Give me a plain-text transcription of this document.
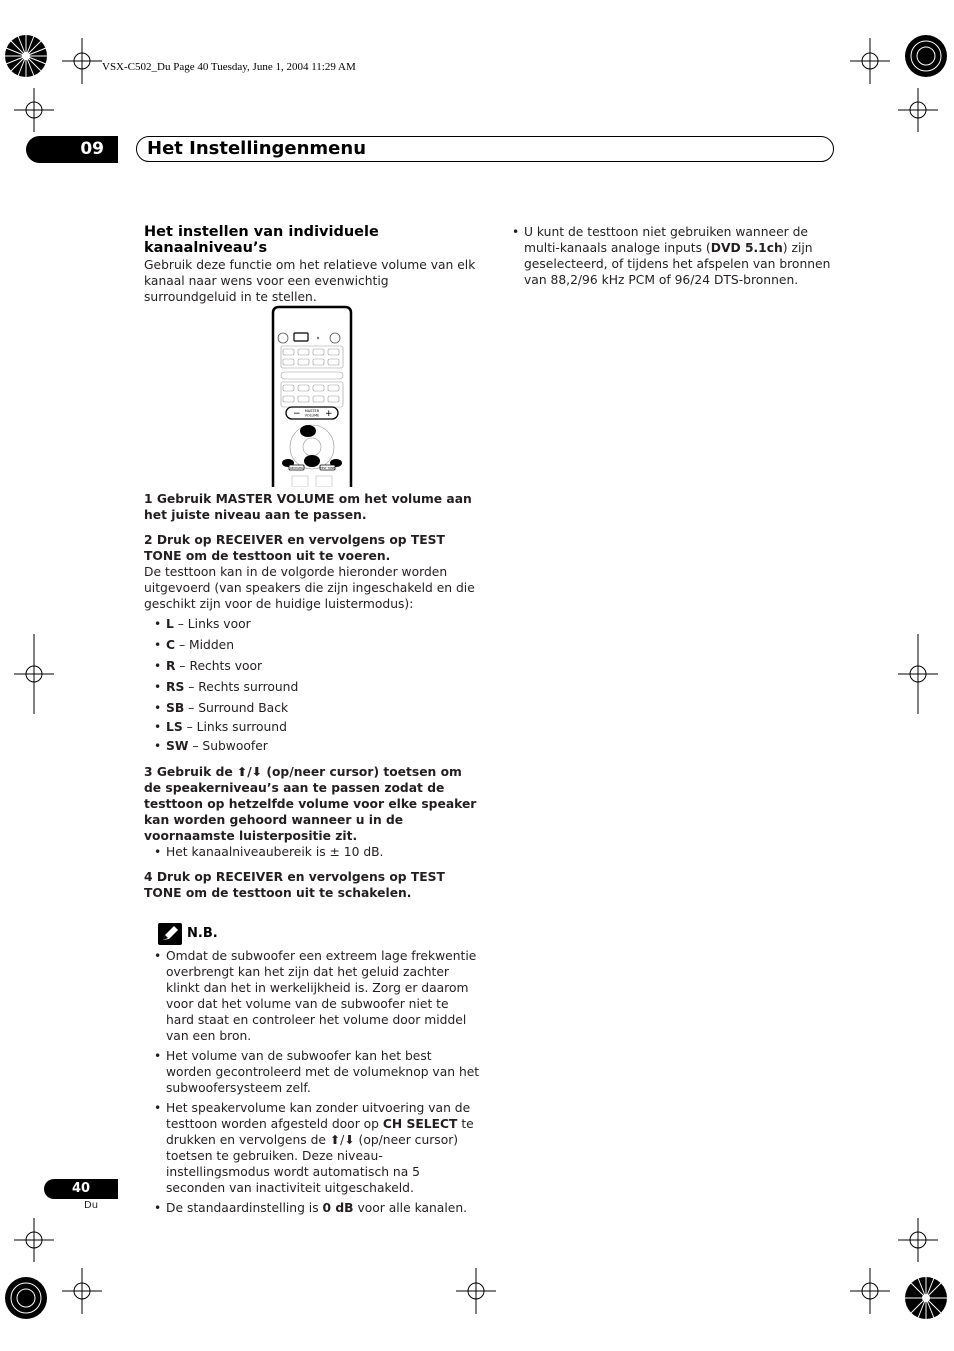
VSX-C502_Du Page 40 Tuesday, June 1, 2004 11:29 AM
09	Het Instellingenmenu
Het instellen van individuele kanaalniveau’s

Gebruik deze functie om het relatieve volume van elk kanaal naar wens voor een evenwichtig surroundgeluid in te stellen.

−	+
MASTER
VOLUME
RECEIVER	TEST TONE

1 Gebruik MASTER VOLUME om het volume aan het juiste niveau aan te passen.

2 Druk op RECEIVER en vervolgens op TEST TONE om de testtoon uit te voeren.

De testtoon kan in de volgorde hieronder worden uitgevoerd (van speakers die zijn ingeschakeld en die geschikt zijn voor de huidige luistermodus):

• L – Links voor
• C – Midden
• R – Rechts voor
• RS – Rechts surround
• SB – Surround Back
• LS – Links surround
• SW – Subwoofer

3 Gebruik de ⬆/⬇ (op/neer cursor) toetsen om de speakerniveau’s aan te passen zodat de testtoon op hetzelfde volume voor elke speaker kan worden gehoord wanneer u in de voornaamste luisterpositie zit.

• Het kanaalniveaubereik is ± 10 dB.

4 Druk op RECEIVER en vervolgens op TEST TONE om de testtoon uit te schakelen.

N.B.
• Omdat de subwoofer een extreem lage frekwentie overbrengt kan het zijn dat het geluid zachter klinkt dan het in werkelijkheid is. Zorg er daarom voor dat het volume van de subwoofer niet te hard staat en controleer het volume door middel van een bron.
• Het volume van de subwoofer kan het best worden gecontroleerd met de volumeknop van het subwoofersysteem zelf.
• Het speakervolume kan zonder uitvoering van de testtoon worden afgesteld door op CH SELECT te drukken en vervolgens de ⬆/⬇ (op/neer cursor) toetsen te gebruiken. Deze niveau-instellingsmodus wordt automatisch na 5 seconden van inactiviteit uitgeschakeld.
• De standaardinstelling is 0 dB voor alle kanalen.
• U kunt de testtoon niet gebruiken wanneer de multi-kanaals analoge inputs (DVD 5.1ch) zijn geselecteerd, of tijdens het afspelen van bronnen van 88,2/96 kHz PCM of 96/24 DTS-bronnen.
40
Du
